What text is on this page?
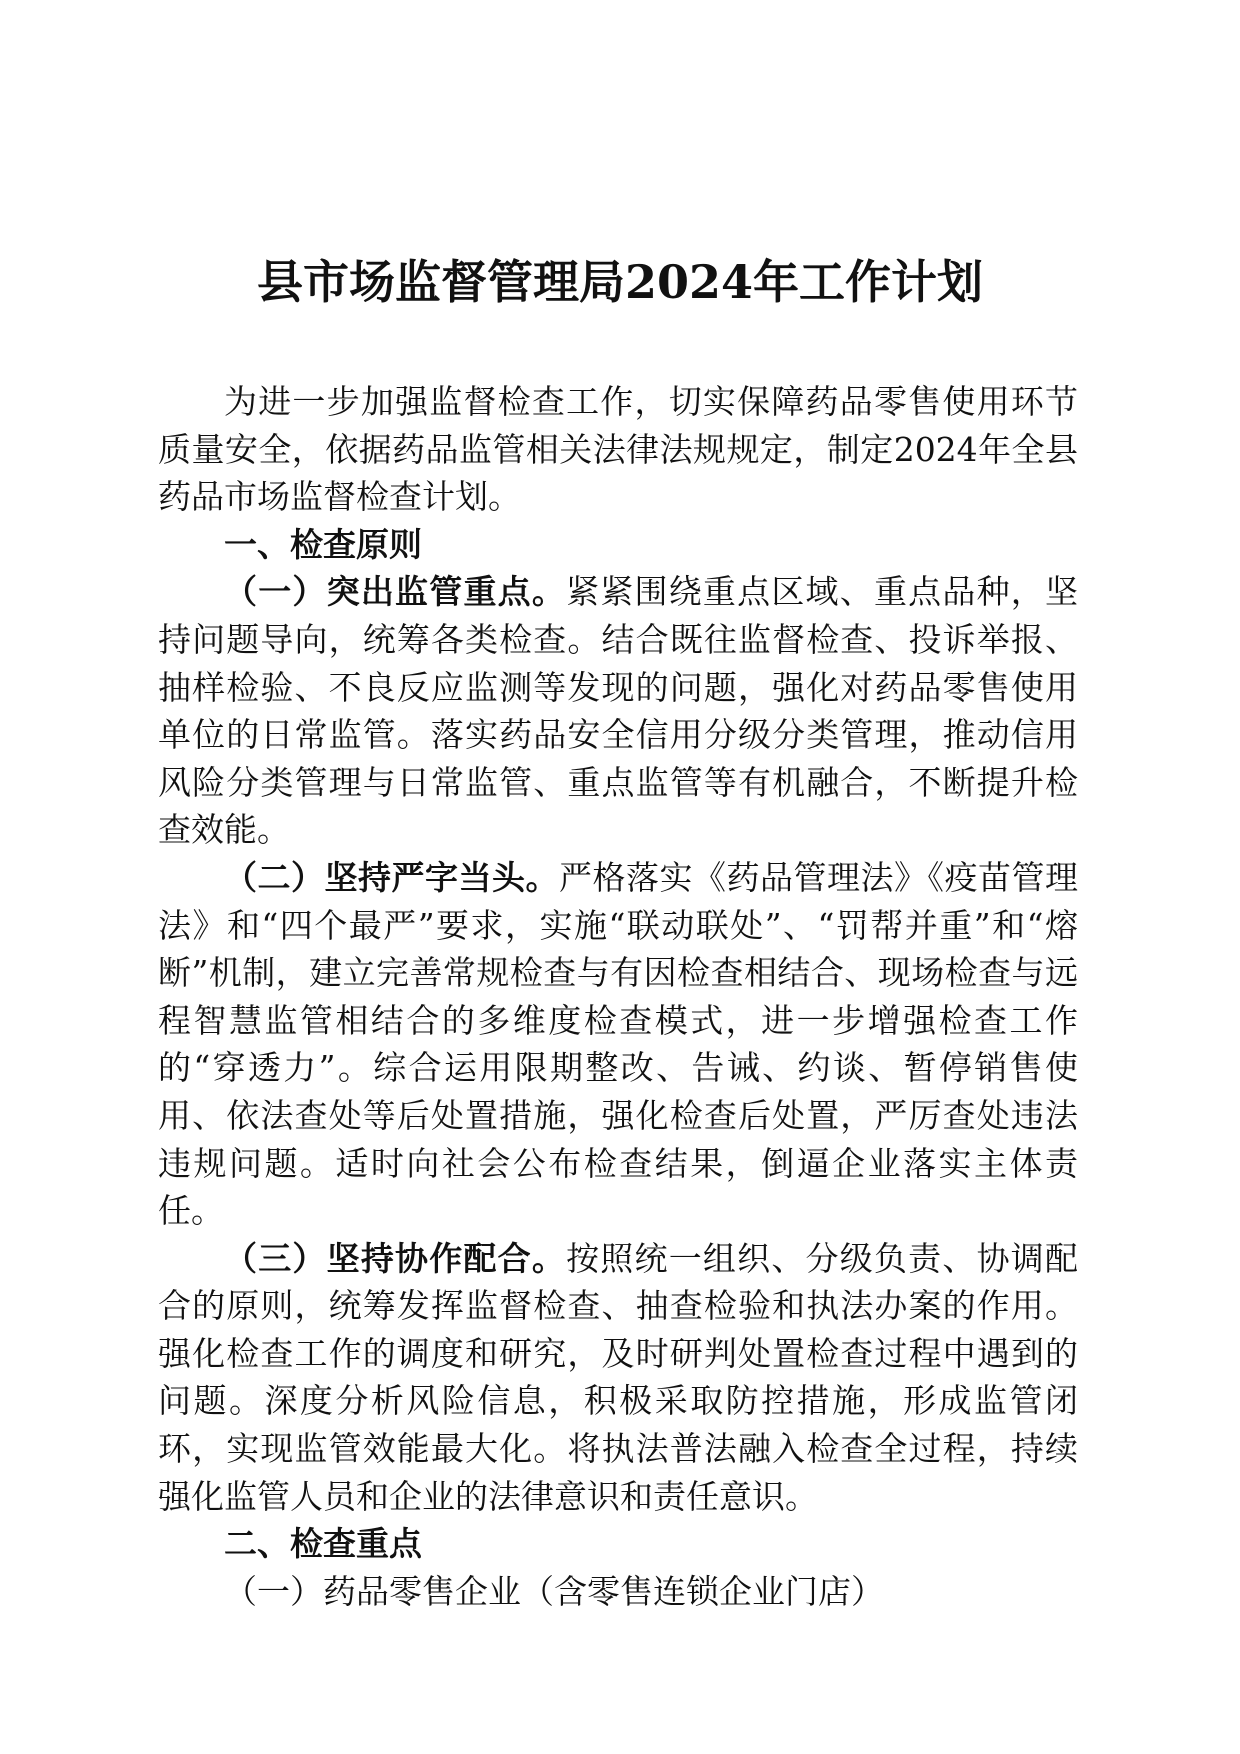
县市场监督管理局2024年工作计划

为进一步加强监督检查工作，切实保障药品零售使用环节质量安全，依据药品监管相关法律法规规定，制定2024年全县药品市场监督检查计划。

一、检查原则

（一）突出监管重点。紧紧围绕重点区域、重点品种，坚持问题导向，统筹各类检查。结合既往监督检查、投诉举报、抽样检验、不良反应监测等发现的问题，强化对药品零售使用单位的日常监管。落实药品安全信用分级分类管理，推动信用风险分类管理与日常监管、重点监管等有机融合，不断提升检查效能。

（二）坚持严字当头。严格落实《药品管理法》《疫苗管理法》和“四个最严”要求，实施“联动联处”、“罚帮并重”和“熔断”机制，建立完善常规检查与有因检查相结合、现场检查与远程智慧监管相结合的多维度检查模式，进一步增强检查工作的“穿透力”。综合运用限期整改、告诫、约谈、暂停销售使用、依法查处等后处置措施，强化检查后处置，严厉查处违法违规问题。适时向社会公布检查结果，倒逼企业落实主体责任。

（三）坚持协作配合。按照统一组织、分级负责、协调配合的原则，统筹发挥监督检查、抽查检验和执法办案的作用。强化检查工作的调度和研究，及时研判处置检查过程中遇到的问题。深度分析风险信息，积极采取防控措施，形成监管闭环，实现监管效能最大化。将执法普法融入检查全过程，持续强化监管人员和企业的法律意识和责任意识。

二、检查重点

（一）药品零售企业（含零售连锁企业门店）
